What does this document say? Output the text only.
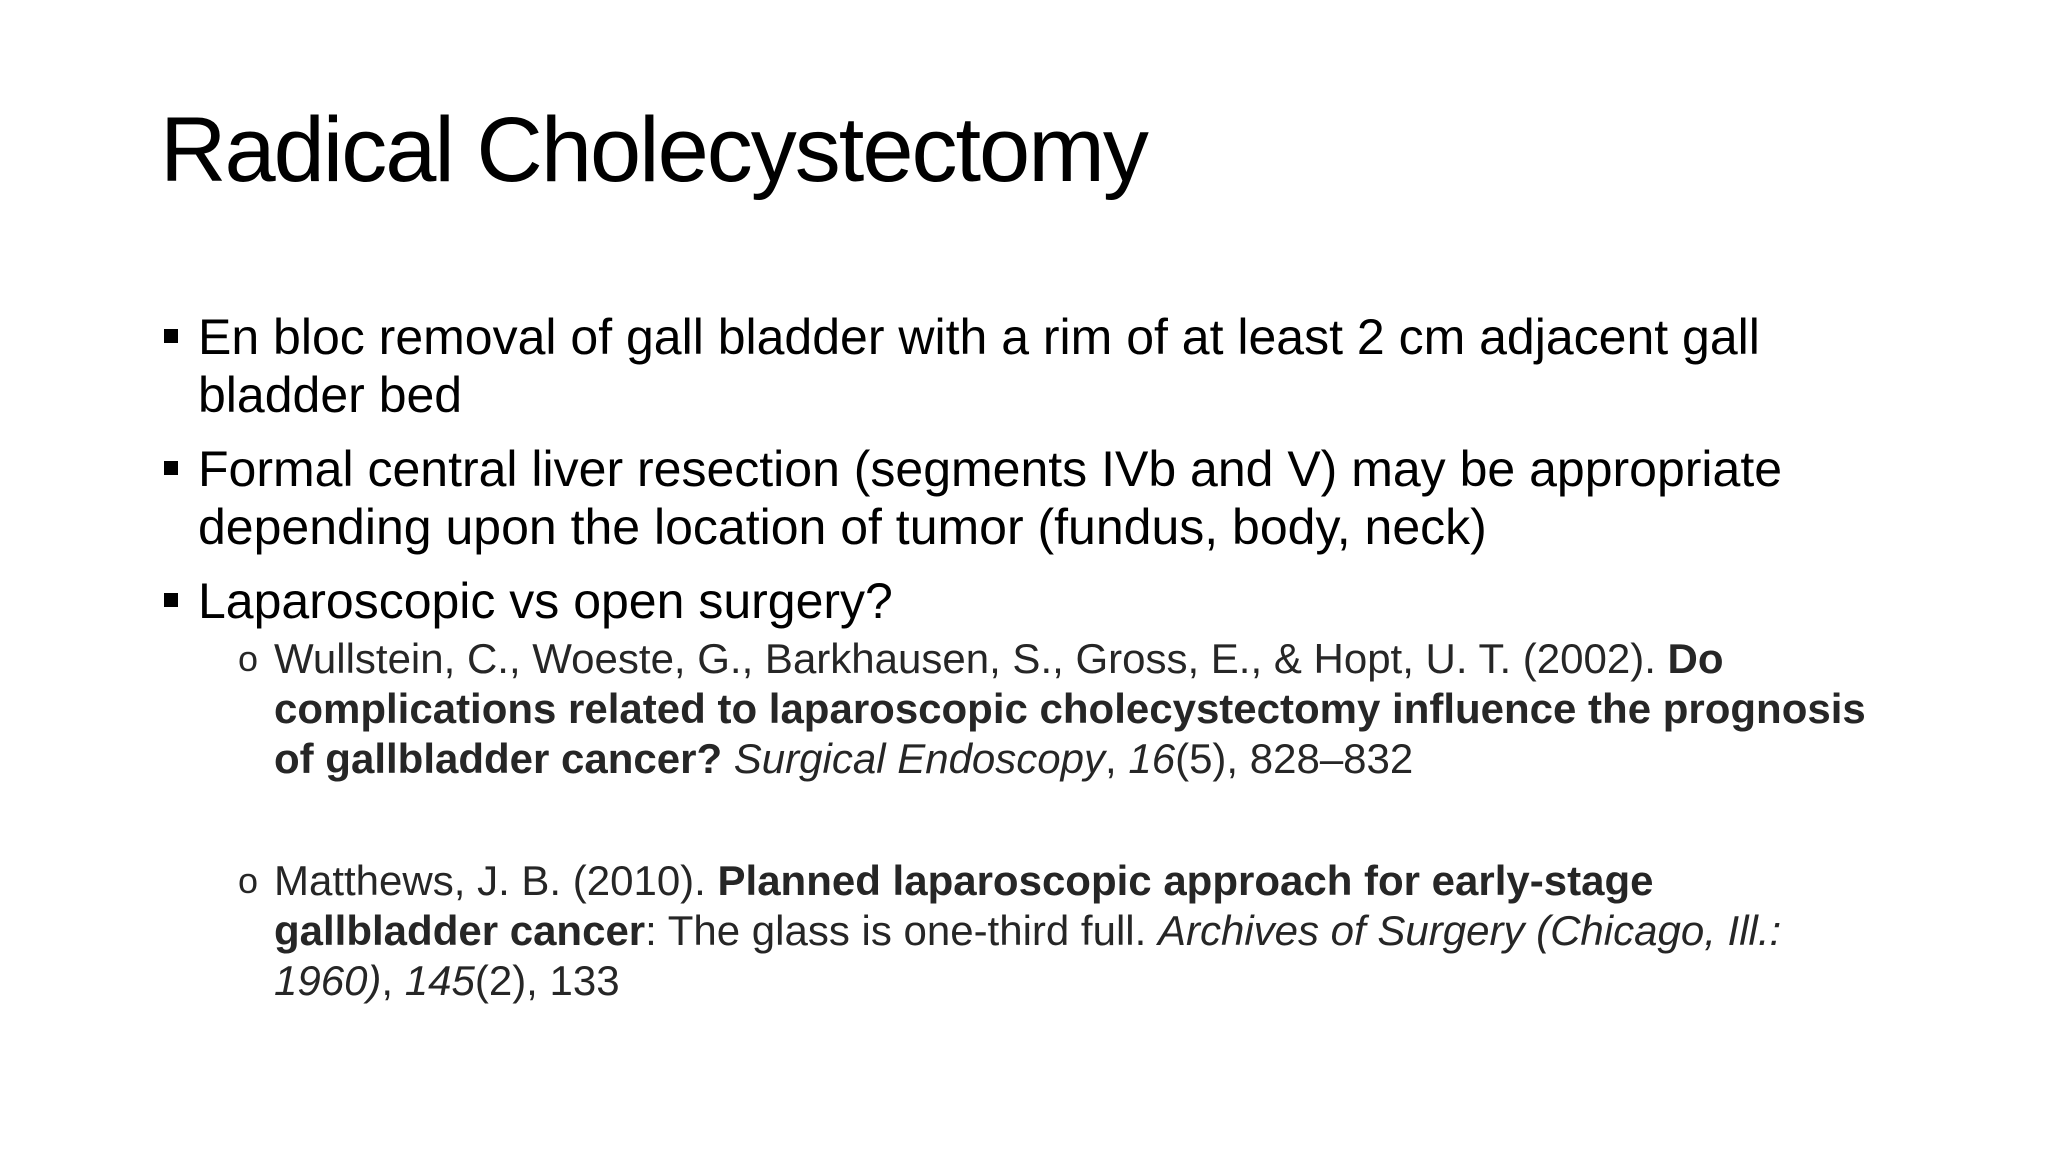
Radical Cholecystectomy
En bloc removal of gall bladder with a rim of at least 2 cm adjacent gall bladder bed
Formal central liver resection (segments IVb and V) may be appropriate depending upon the location of tumor (fundus, body, neck)
Laparoscopic vs open surgery?
o Wullstein, C., Woeste, G., Barkhausen, S., Gross, E., & Hopt, U. T. (2002). Do complications related to laparoscopic cholecystectomy influence the prognosis of gallbladder cancer? Surgical Endoscopy, 16(5), 828–832
o Matthews, J. B. (2010). Planned laparoscopic approach for early-stage gallbladder cancer: The glass is one-third full. Archives of Surgery (Chicago, Ill.: 1960), 145(2), 133
